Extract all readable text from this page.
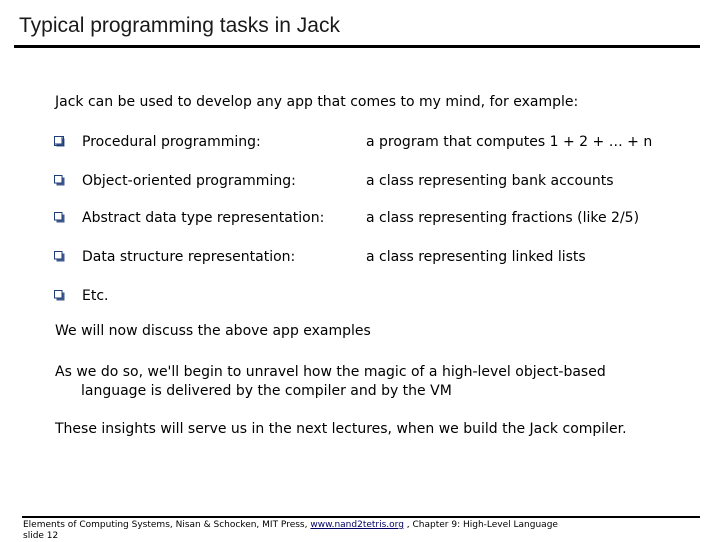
Typical programming tasks in Jack
Jack can be used to develop any app that comes to my mind, for example:
Procedural programming:	a program that computes 1 + 2 + … + n
Object-oriented programming:	a class representing bank accounts
Abstract data type representation:	a class representing fractions (like 2/5)
Data structure representation:	a class representing linked lists
Etc.
We will now discuss the above app examples
As we do so, we'll begin to unravel how the magic of a high-level object-based
language is delivered by the compiler and by the VM
These insights will serve us in the next lectures, when we build the Jack compiler.
Elements of Computing Systems, Nisan & Schocken, MIT Press, www.nand2tetris.org , Chapter 9: High-Level Language
slide 12
